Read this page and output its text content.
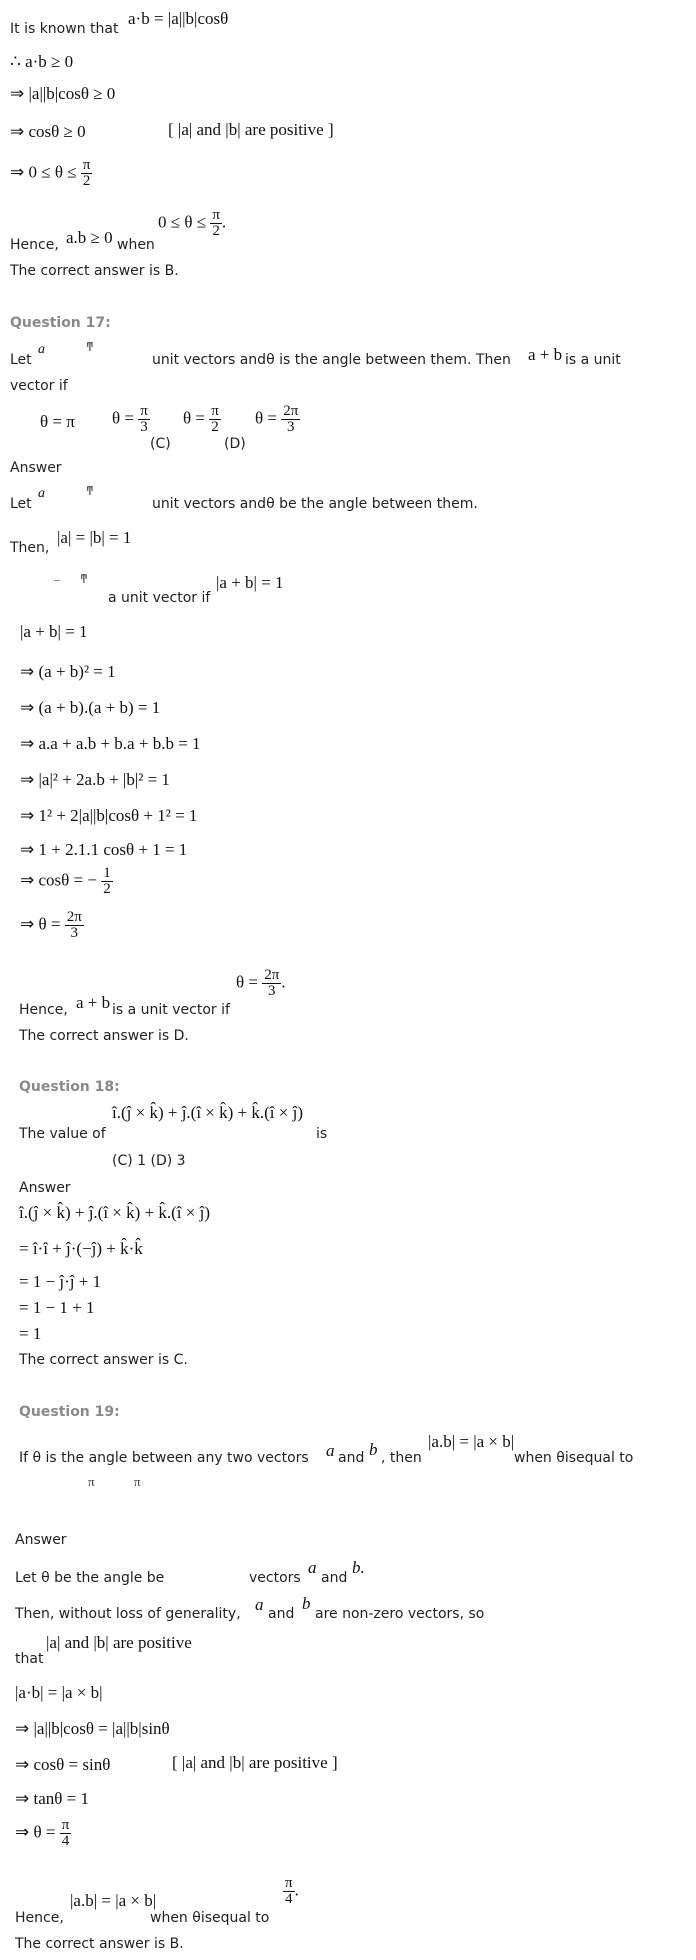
It is known that
a·b = |a||b|cosθ
∴ a·b ≥ 0
⇒ |a||b|cosθ ≥ 0
⇒ cosθ ≥ 0	[ |a| and |b| are positive ]
⇒ $0 \le \theta \le \frac{\pi}{2}$
Hence, a.b ≥ 0 when
$0 \le \theta \le \frac{\pi}{2}$ .
The correct answer is B.
Question 17:
Let
a	ͳ
unit vectors andθ is the angle between them. Then a + b is a unit
vector if
θ = π $\theta = \frac{\pi}{3}$
(C)
$\theta = \frac{\pi}{2}$
(D)
$\theta = \frac{2\pi}{3}$
Answer
Let
a	ͳ
unit vectors andθ be the angle between them.
Then,
|a| = |b| = 1
– ͳ
a unit vector if
|a + b| = 1
|a + b| = 1
⇒ (a + b)² = 1
⇒ (a + b).(a + b) = 1
⇒ a.a + a.b + b.a + b.b = 1
⇒ |a|² + 2a.b + |b|² = 1
⇒ 1² + 2|a||b|cosθ + 1² = 1
⇒ 1 + 2.1.1 cosθ + 1 = 1
⇒ cosθ = − $\frac{1}{2}$
⇒ $\theta = \frac{2\pi}{3}$
Hence, a + b is a unit vector if
$\theta = \frac{2\pi}{3}$ .
The correct answer is D.
Question 18:
The value of
î.(ĵ × k̂) + ĵ.(î × k̂) + k̂.(î × ĵ)
is
(C) 1 (D) 3
Answer
î.(ĵ × k̂) + ĵ.(î × k̂) + k̂.(î × ĵ)
= î·î + ĵ·(−ĵ) + k̂·k̂
= 1 − ĵ·ĵ + 1
= 1 − 1 + 1
= 1
The correct answer is C.
Question 19:
If θ is the angle between any two vectors a and b , then
|a.b| = |a × b|
when θisequal to
π	π
Answer
Let θ be the angle be	vectors
a
and
b.
Then, without loss of generality, a and
b
are non-zero vectors, so
that
|a| and |b| are positive
|a·b| = |a × b|
⇒ |a||b|cosθ = |a||b|sinθ
⇒ cosθ = sinθ	[ |a| and |b| are positive ]
⇒ tanθ = 1
⇒ $\theta = \frac{\pi}{4}$
Hence,
|a.b| = |a × b|
when θisequal to
$\frac{\pi}{4}$ .
The correct answer is B.
